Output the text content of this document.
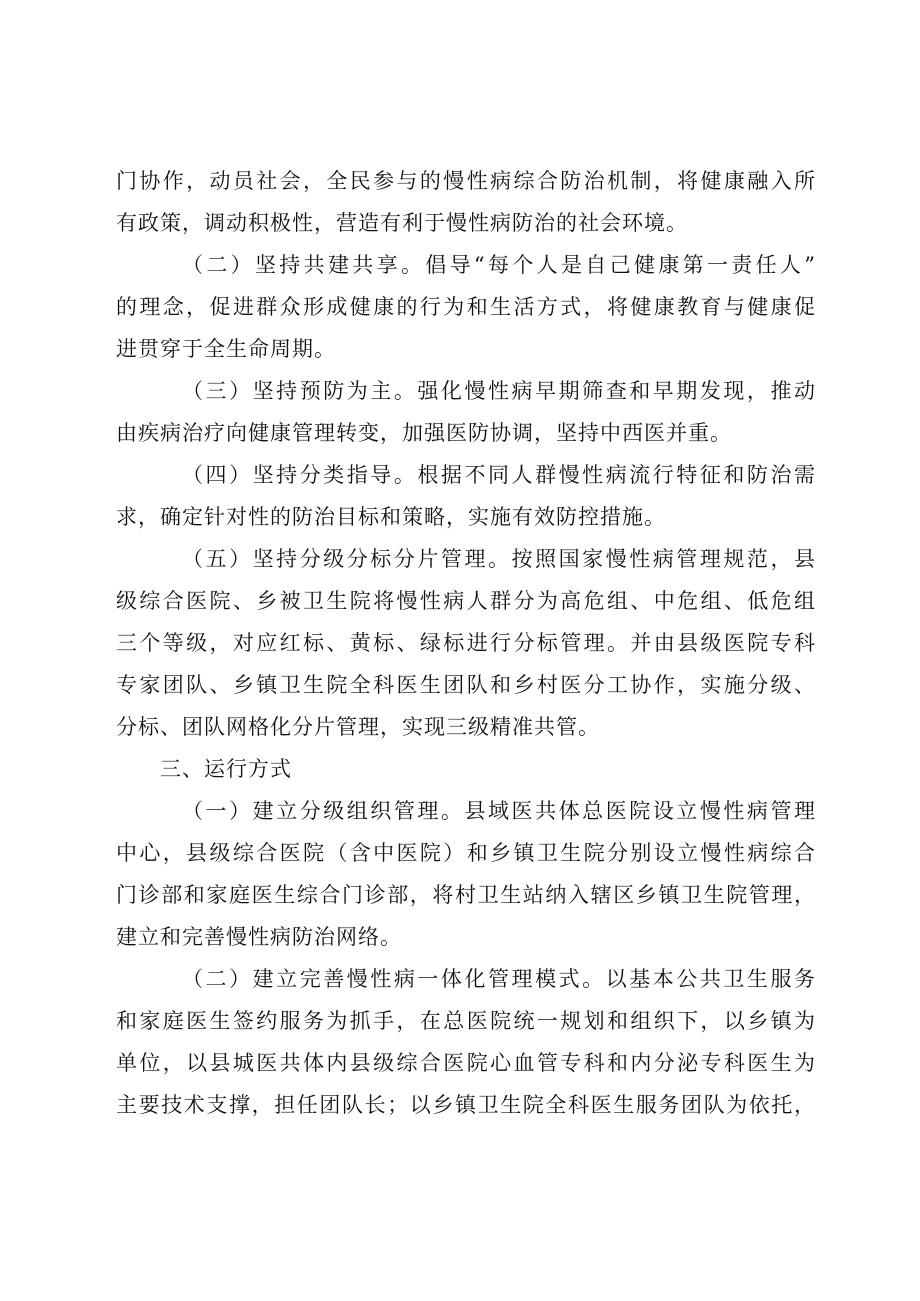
门协作，动员社会，全民参与的慢性病综合防治机制，将健康融入所
有政策，调动积极性，营造有利于慢性病防治的社会环境。
（二）坚持共建共享。倡导“每个人是自己健康第一责任人”
的理念，促进群众形成健康的行为和生活方式，将健康教育与健康促
进贯穿于全生命周期。
（三）坚持预防为主。强化慢性病早期筛查和早期发现，推动
由疾病治疗向健康管理转变，加强医防协调，坚持中西医并重。
（四）坚持分类指导。根据不同人群慢性病流行特征和防治需
求，确定针对性的防治目标和策略，实施有效防控措施。
（五）坚持分级分标分片管理。按照国家慢性病管理规范，县
级综合医院、乡被卫生院将慢性病人群分为高危组、中危组、低危组
三个等级，对应红标、黄标、绿标进行分标管理。并由县级医院专科
专家团队、乡镇卫生院全科医生团队和乡村医分工协作，实施分级、
分标、团队网格化分片管理，实现三级精准共管。
三、运行方式
（一）建立分级组织管理。县域医共体总医院设立慢性病管理
中心，县级综合医院（含中医院）和乡镇卫生院分别设立慢性病综合
门诊部和家庭医生综合门诊部，将村卫生站纳入辖区乡镇卫生院管理，
建立和完善慢性病防治网络。
（二）建立完善慢性病一体化管理模式。以基本公共卫生服务
和家庭医生签约服务为抓手，在总医院统一规划和组织下，以乡镇为
单位，以县城医共体内县级综合医院心血管专科和内分泌专科医生为
主要技术支撑，担任团队长；以乡镇卫生院全科医生服务团队为依托，
